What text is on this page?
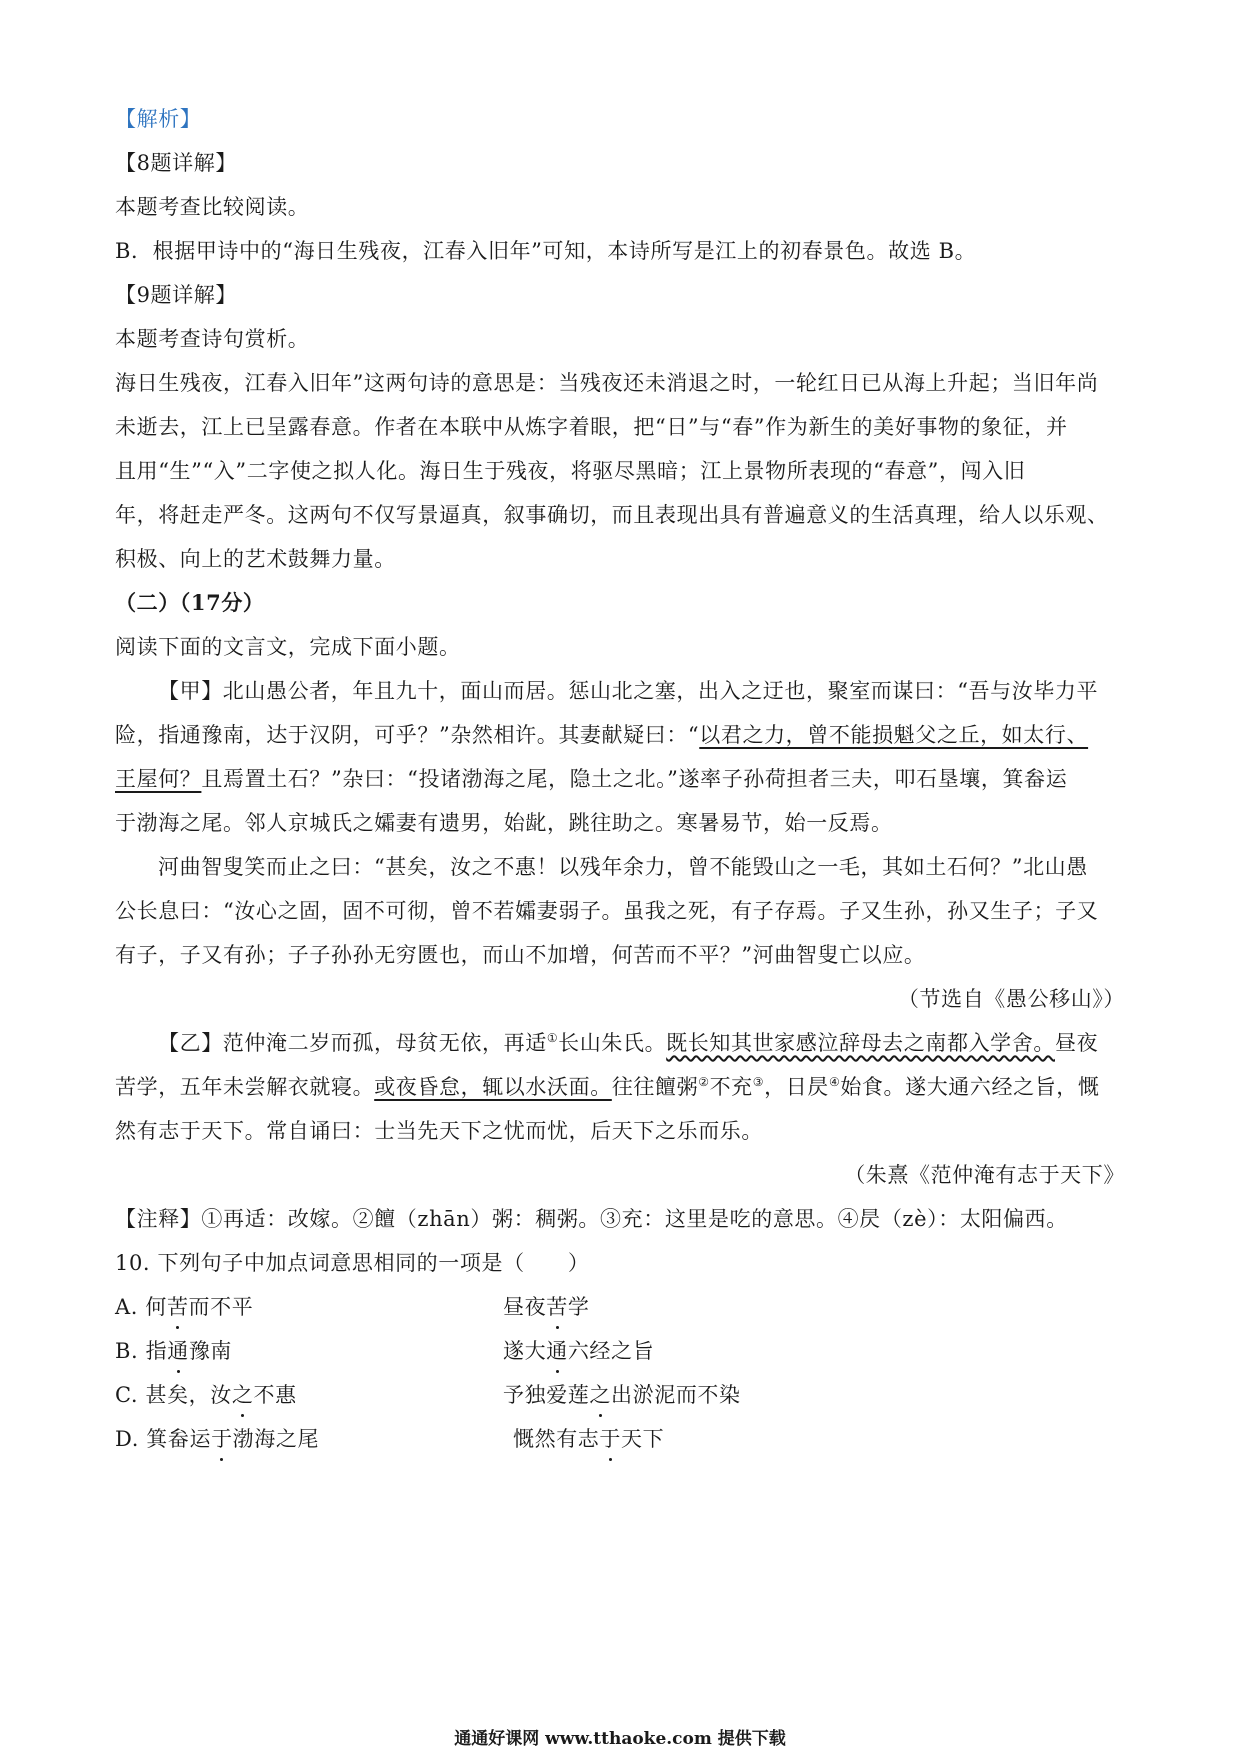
【解析】
【8题详解】
本题考查比较阅读。
B．根据甲诗中的“海日生残夜，江春入旧年”可知，本诗所写是江上的初春景色。故选 B。
【9题详解】
本题考查诗句赏析。
海日生残夜，江春入旧年”这两句诗的意思是：当残夜还未消退之时，一轮红日已从海上升起；当旧年尚
未逝去，江上已呈露春意。作者在本联中从炼字着眼，把“日”与“春”作为新生的美好事物的象征，并
且用“生”“入”二字使之拟人化。海日生于残夜，将驱尽黑暗；江上景物所表现的“春意”，闯入旧
年，将赶走严冬。这两句不仅写景逼真，叙事确切，而且表现出具有普遍意义的生活真理，给人以乐观、
积极、向上的艺术鼓舞力量。
（二）（17分）
阅读下面的文言文，完成下面小题。
【甲】北山愚公者，年且九十，面山而居。惩山北之塞，出入之迂也，聚室而谋曰：“吾与汝毕力平
险，指通豫南，达于汉阴，可乎？”杂然相许。其妻献疑曰：“以君之力，曾不能损魁父之丘，如太行、
王屋何？且焉置土石？”杂曰：“投诸渤海之尾，隐土之北。”遂率子孙荷担者三夫，叩石垦壤，箕畚运
于渤海之尾。邻人京城氏之孀妻有遗男，始龀，跳往助之。寒暑易节，始一反焉。
河曲智叟笑而止之曰：“甚矣，汝之不惠！以残年余力，曾不能毁山之一毛，其如土石何？”北山愚
公长息曰：“汝心之固，固不可彻，曾不若孀妻弱子。虽我之死，有子存焉。子又生孙，孙又生子；子又
有子，子又有孙；子子孙孙无穷匮也，而山不加增，何苦而不平？”河曲智叟亡以应。
（节选自《愚公移山》）
【乙】范仲淹二岁而孤，母贫无依，再适①长山朱氏。既长知其世家感泣辞母去之南都入学舍。昼夜
苦学，五年未尝解衣就寝。或夜昏怠，辄以水沃面。往往饘粥②不充③，日昃④始食。遂大通六经之旨，慨
然有志于天下。常自诵曰：士当先天下之忧而忧，后天下之乐而乐。
（朱熹《范仲淹有志于天下》
【注释】①再适：改嫁。②饘（zhān）粥：稠粥。③充：这里是吃的意思。④昃（zè）：太阳偏西。
10. 下列句子中加点词意思相同的一项是（　　）
A. 何苦而不平	昼夜苦学
B. 指通豫南	遂大通六经之旨
C. 甚矣，汝之不惠	予独爱莲之出淤泥而不染
D. 箕畚运于渤海之尾	慨然有志于天下
通通好课网 www.tthaoke.com 提供下载
